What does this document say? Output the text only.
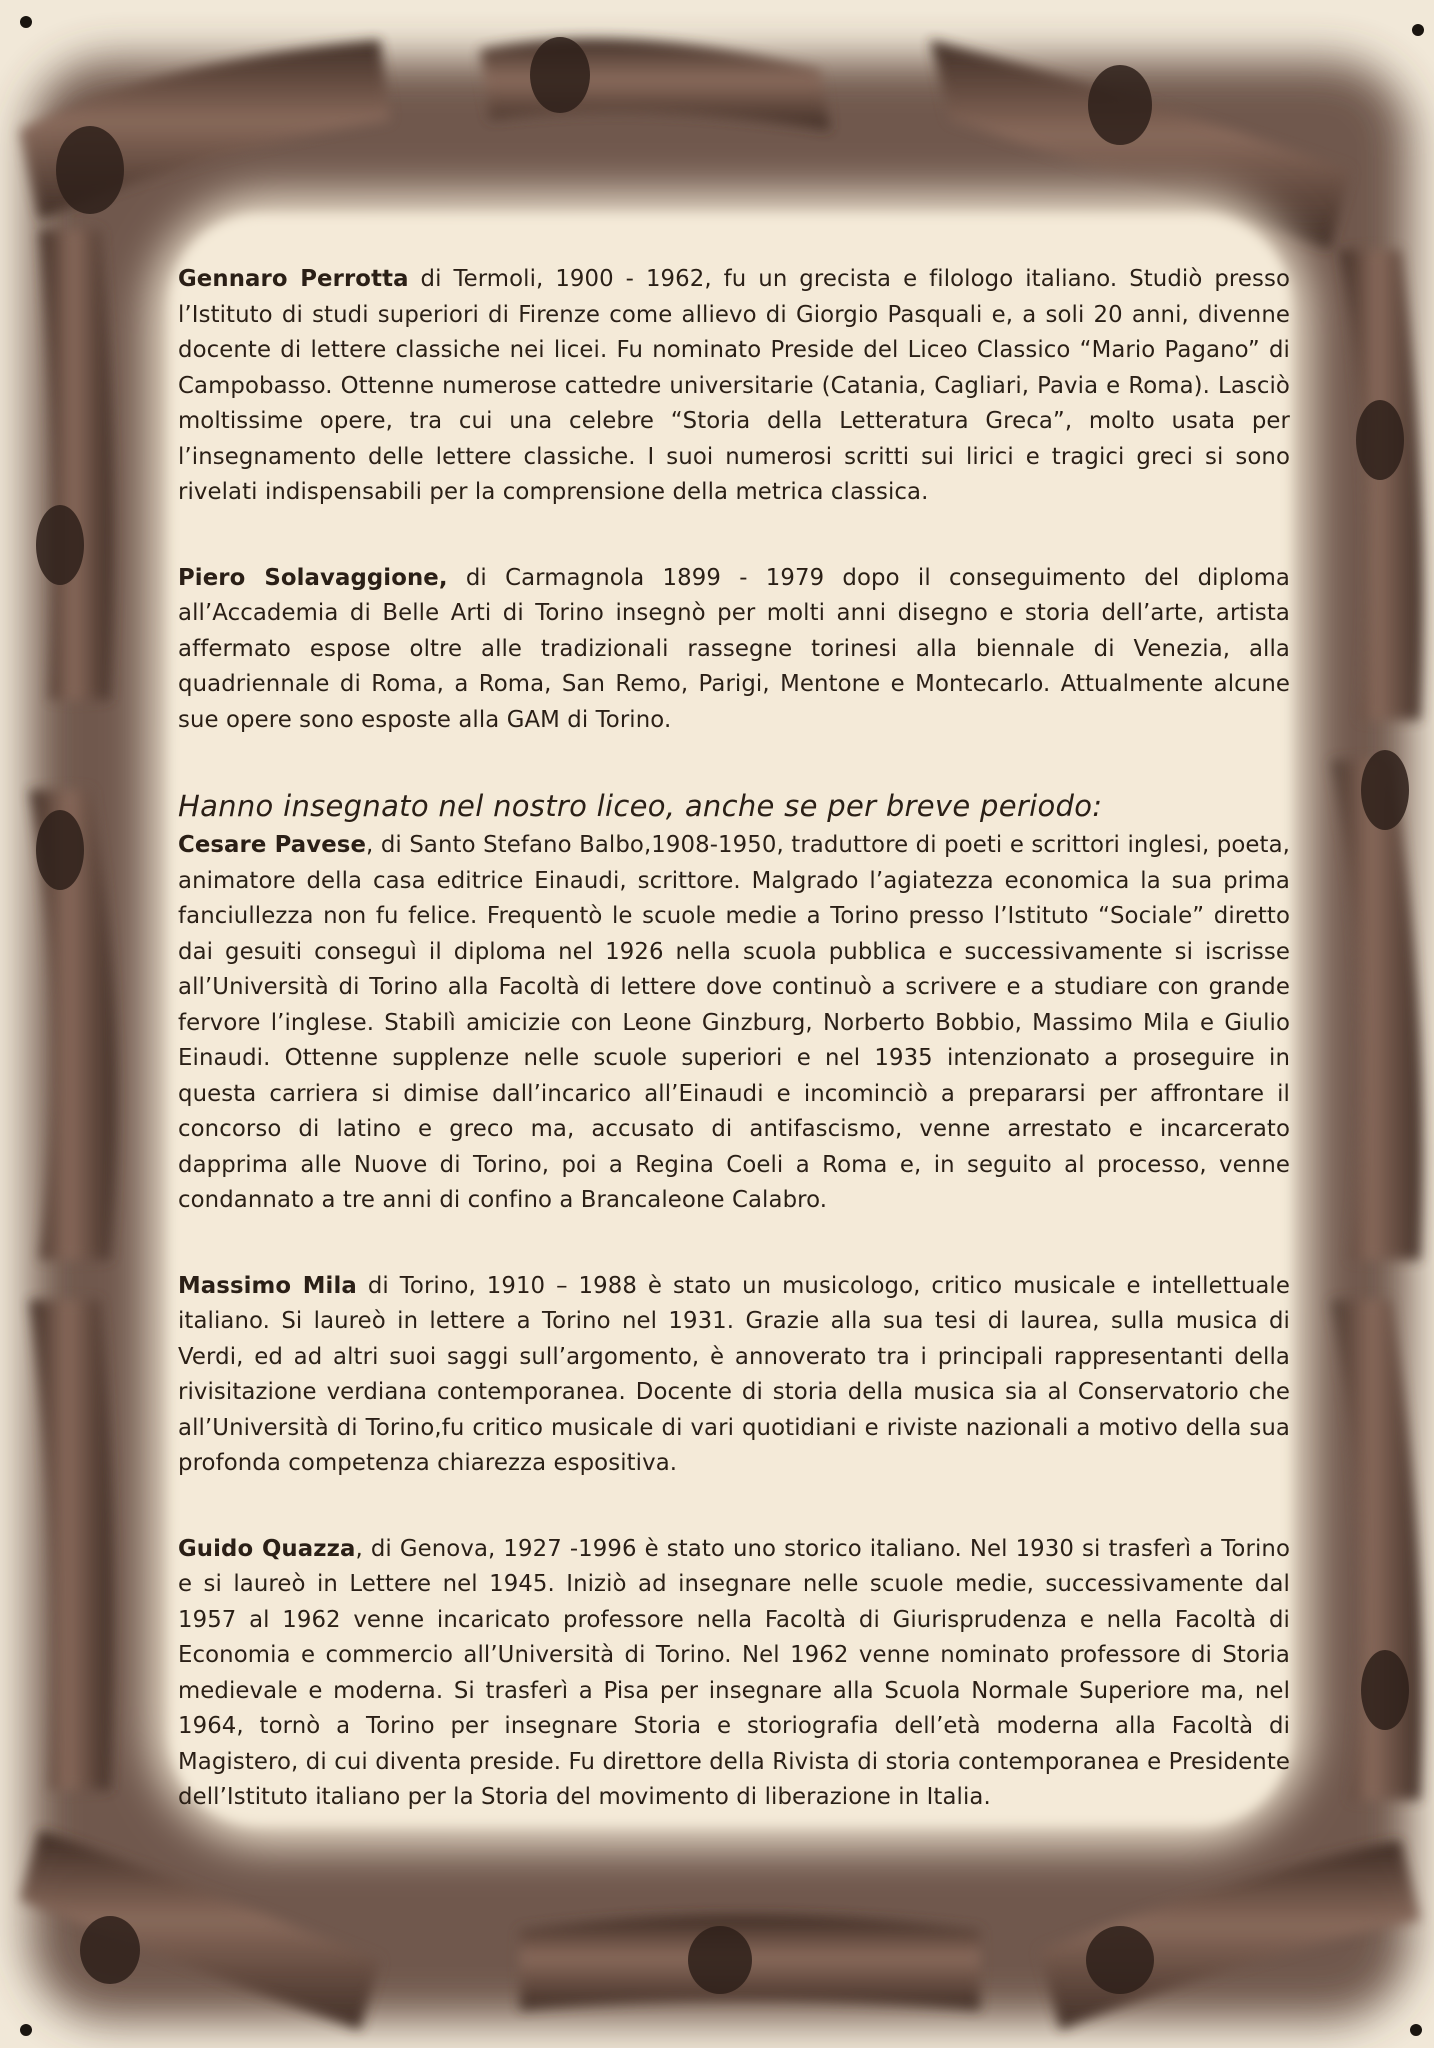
Gennaro Perrotta di Termoli, 1900 - 1962, fu un grecista e filologo italiano. Studiò presso l’Istituto di studi superiori di Firenze come allievo di Giorgio Pasquali e, a soli 20 anni, divenne docente di lettere classiche nei licei. Fu nominato Preside del Liceo Classico “Mario Pagano” di Campobasso. Ottenne numerose cattedre universitarie (Catania, Cagliari, Pavia e Roma). Lasciò moltissime opere, tra cui una celebre “Storia della Letteratura Greca”, molto usata per l’insegnamento delle lettere classiche. I suoi numerosi scritti sui lirici e tragici greci si sono rivelati indispensabili per la comprensione della metrica classica.

Piero Solavaggione, di Carmagnola 1899 - 1979 dopo il conseguimento del diploma all’Accademia di Belle Arti di Torino insegnò per molti anni disegno e storia dell’arte, artista affermato espose oltre alle tradizionali rassegne torinesi alla biennale di Venezia, alla quadriennale di Roma, a Roma, San Remo, Parigi, Mentone e Montecarlo. Attualmente alcune sue opere sono esposte alla GAM di Torino.

Hanno insegnato nel nostro liceo, anche se per breve periodo:

Cesare Pavese, di Santo Stefano Balbo,1908-1950, traduttore di poeti e scrittori inglesi, poeta, animatore della casa editrice Einaudi, scrittore. Malgrado l’agiatezza economica la sua prima fanciullezza non fu felice. Frequentò le scuole medie a Torino presso l’Istituto “Sociale” diretto dai gesuiti conseguì il diploma nel 1926 nella scuola pubblica e successivamente si iscrisse all’Università di Torino alla Facoltà di lettere dove continuò a scrivere e a studiare con grande fervore l’inglese. Stabilì amicizie con Leone Ginzburg, Norberto Bobbio, Massimo Mila e Giulio Einaudi. Ottenne supplenze nelle scuole superiori e nel 1935 intenzionato a proseguire in questa carriera si dimise dall’incarico all’Einaudi e incominciò a prepararsi per affrontare il concorso di latino e greco ma, accusato di antifascismo, venne arrestato e incarcerato dapprima alle Nuove di Torino, poi a Regina Coeli a Roma e, in seguito al processo, venne condannato a tre anni di confino a Brancaleone Calabro.

Massimo Mila di Torino, 1910 – 1988 è stato un musicologo, critico musicale e intellettuale italiano. Si laureò in lettere a Torino nel 1931. Grazie alla sua tesi di laurea, sulla musica di Verdi, ed ad altri suoi saggi sull’argomento, è annoverato tra i principali rappresentanti della rivisitazione verdiana contemporanea. Docente di storia della musica sia al Conservatorio che all’Università di Torino,fu critico musicale di vari quotidiani e riviste nazionali a motivo della sua profonda competenza chiarezza espositiva.

Guido Quazza, di Genova, 1927 -1996 è stato uno storico italiano. Nel 1930 si trasferì a Torino e si laureò in Lettere nel 1945. Iniziò ad insegnare nelle scuole medie, successivamente dal 1957 al 1962 venne incaricato professore nella Facoltà di Giurisprudenza e nella Facoltà di Economia e commercio all’Università di Torino. Nel 1962 venne nominato professore di Storia medievale e moderna. Si trasferì a Pisa per insegnare alla Scuola Normale Superiore ma, nel 1964, tornò a Torino per insegnare Storia e storiografia dell’età moderna alla Facoltà di Magistero, di cui diventa preside. Fu direttore della Rivista di storia contemporanea e Presidente dell’Istituto italiano per la Storia del movimento di liberazione in Italia.
